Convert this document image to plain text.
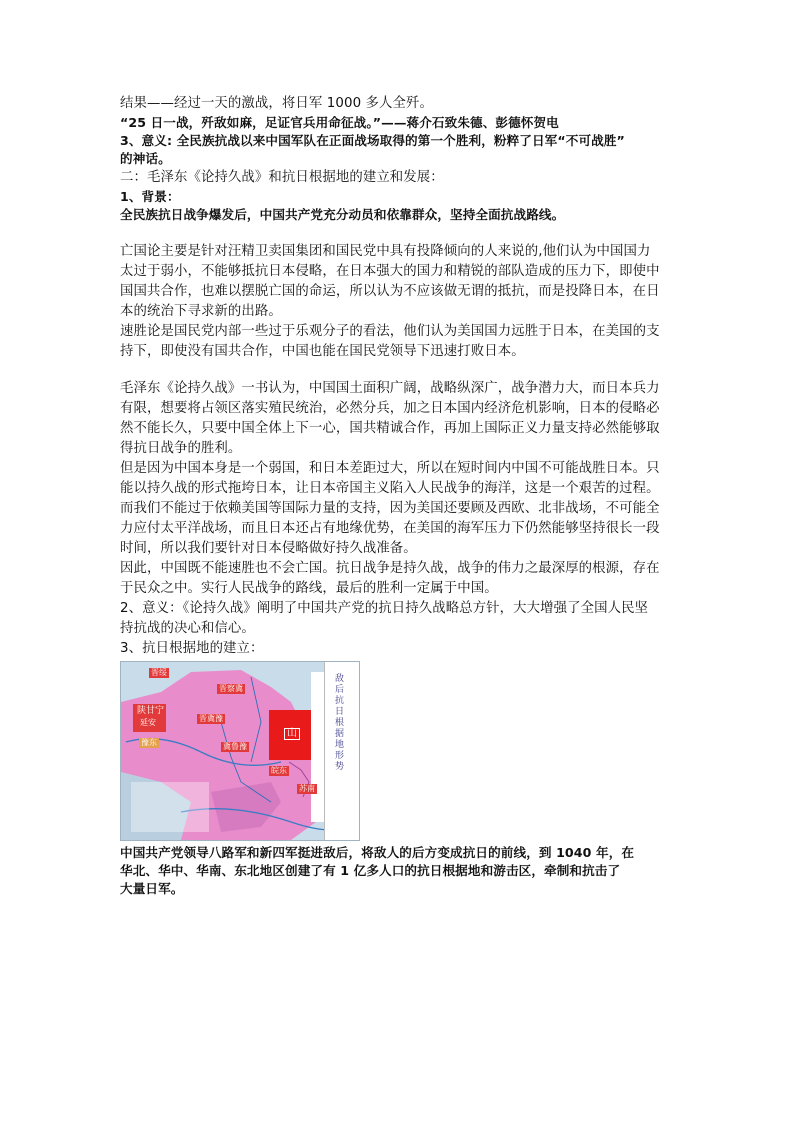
结果——经过一天的激战，将日军 1000 多人全歼。

“25 日一战，歼敌如麻，足证官兵用命征战。”——蒋介石致朱德、彭德怀贺电

3、意义: 全民族抗战以来中国军队在正面战场取得的第一个胜利，粉粹了日军“不可战胜”

的神话。

二：毛泽东《论持久战》和抗日根据地的建立和发展：

1、背景：

全民族抗日战争爆发后，中国共产党充分动员和依靠群众，坚持全面抗战路线。

亡国论主要是针对汪精卫卖国集团和国民党中具有投降倾向的人来说的,他们认为中国国力

太过于弱小，不能够抵抗日本侵略，在日本强大的国力和精锐的部队造成的压力下，即使中

国国共合作，也难以摆脱亡国的命运，所以认为不应该做无谓的抵抗，而是投降日本，在日

本的统治下寻求新的出路。

速胜论是国民党内部一些过于乐观分子的看法，他们认为美国国力远胜于日本，在美国的支

持下，即使没有国共合作，中国也能在国民党领导下迅速打败日本。

毛泽东《论持久战》一书认为，中国国土面积广阔，战略纵深广，战争潜力大，而日本兵力

有限，想要将占领区落实殖民统治，必然分兵，加之日本国内经济危机影响，日本的侵略必

然不能长久，只要中国全体上下一心，国共精诚合作，再加上国际正义力量支持必然能够取

得抗日战争的胜利。

但是因为中国本身是一个弱国，和日本差距过大，所以在短时间内中国不可能战胜日本。只

能以持久战的形式拖垮日本，让日本帝国主义陷入人民战争的海洋，这是一个艰苦的过程。

而我们不能过于依赖美国等国际力量的支持，因为美国还要顾及西欧、北非战场，不可能全

力应付太平洋战场，而且日本还占有地缘优势，在美国的海军压力下仍然能够坚持很长一段

时间，所以我们要针对日本侵略做好持久战准备。

因此，中国既不能速胜也不会亡国。抗日战争是持久战，战争的伟力之最深厚的根源，存在

于民众之中。实行人民战争的路线，最后的胜利一定属于中国。

2、意义：《论持久战》阐明了中国共产党的抗日持久战略总方针，大大增强了全国人民坚

持抗战的决心和信心。

3、抗日根据地的建立：

晋绥
晋察冀
陕甘宁
延安	晋冀豫
豫东	冀鲁豫
山
皖东
苏南
敌后抗日根据地形势

中国共产党领导八路军和新四军挺进敌后，将敌人的后方变成抗日的前线，到 1040 年，在

华北、华中、华南、东北地区创建了有 1 亿多人口的抗日根据地和游击区，牵制和抗击了

大量日军。
